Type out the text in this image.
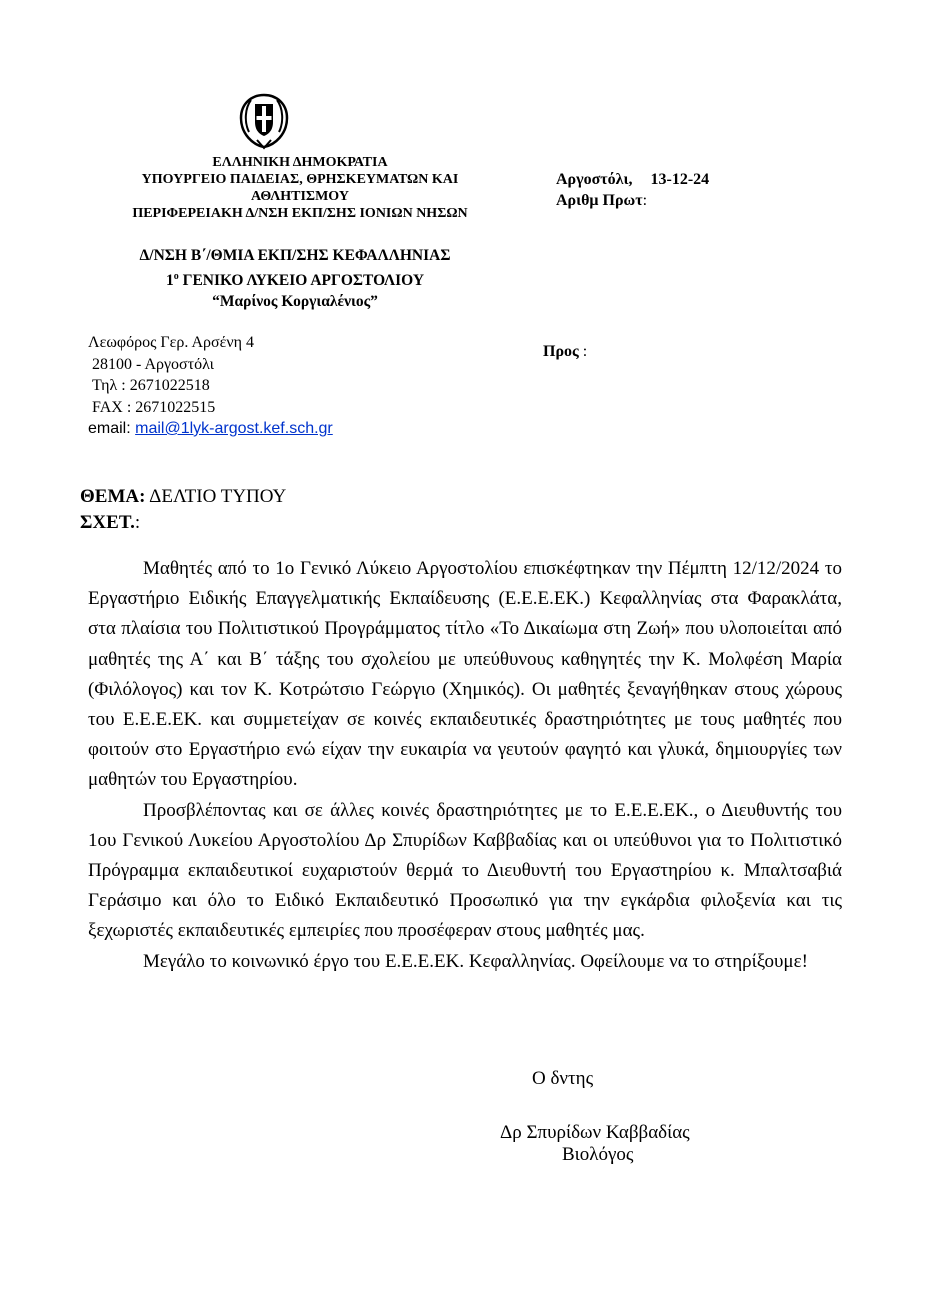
ΕΛΛΗΝΙΚΗ ΔΗΜΟΚΡΑΤΙΑ
ΥΠΟΥΡΓΕΙΟ ΠΑΙΔΕΙΑΣ, ΘΡΗΣΚΕΥΜΑΤΩΝ ΚΑΙ
ΑΘΛΗΤΙΣΜΟΥ
ΠΕΡΙΦΕΡΕΙΑΚΗ Δ/ΝΣΗ ΕΚΠ/ΣΗΣ ΙΟΝΙΩΝ ΝΗΣΩΝ
Δ/ΝΣΗ Β΄/ΘΜΙΑ ΕΚΠ/ΣΗΣ ΚΕΦΑΛΛΗΝΙΑΣ
$1^o$ ΓΕΝΙΚΟ ΛΥΚΕΙΟ ΑΡΓΟΣΤΟΛΙΟΥ
“Μαρίνος Κοργιαλένιος”
Λεωφόρος Γερ. Αρσένη 4
28100 - Αργοστόλι
Τηλ : 2671022518
FAX : 2671022515
email: mail@1lyk-argost.kef.sch.gr
Αργοστόλι, 13-12-24
Αριθμ Πρωτ:
Προς :
ΘΕΜΑ: ΔΕΛΤΙΟ ΤΥΠΟΥ
ΣΧΕΤ.:

Μαθητές από το 1ο Γενικό Λύκειο Αργοστολίου επισκέφτηκαν την Πέμπτη 12/12/2024 το Εργαστήριο Ειδικής Επαγγελματικής Εκπαίδευσης (Ε.Ε.Ε.ΕΚ.) Κεφαλληνίας στα Φαρακλάτα, στα πλαίσια του Πολιτιστικού Προγράμματος τίτλο «Το Δικαίωμα στη Ζωή» που υλοποιείται από μαθητές της Α΄ και Β΄ τάξης του σχολείου με υπεύθυνους καθηγητές την Κ. Μολφέση Μαρία (Φιλόλογος) και τον Κ. Κοτρώτσιο Γεώργιο (Χημικός). Οι μαθητές ξεναγήθηκαν στους χώρους του Ε.Ε.Ε.ΕΚ. και συμμετείχαν σε κοινές εκπαιδευτικές δραστηριότητες με τους μαθητές που φοιτούν στο Εργαστήριο ενώ είχαν την ευκαιρία να γευτούν φαγητό και γλυκά, δημιουργίες των μαθητών του Εργαστηρίου.

Προσβλέποντας και σε άλλες κοινές δραστηριότητες με το Ε.Ε.Ε.ΕΚ., ο Διευθυντής του 1ου Γενικού Λυκείου Αργοστολίου Δρ Σπυρίδων Καββαδίας και οι υπεύθυνοι για το Πολιτιστικό Πρόγραμμα εκπαιδευτικοί ευχαριστούν θερμά το Διευθυντή του Εργαστηρίου κ. Μπαλτσαβιά Γεράσιμο και όλο το Ειδικό Εκπαιδευτικό Προσωπικό για την εγκάρδια φιλοξενία και τις ξεχωριστές εκπαιδευτικές εμπειρίες που προσέφεραν στους μαθητές μας.

Μεγάλο το κοινωνικό έργο του Ε.Ε.Ε.ΕΚ. Κεφαλληνίας. Οφείλουμε να το στηρίξουμε!

Ο δντης
Δρ Σπυρίδων Καββαδίας
Βιολόγος
